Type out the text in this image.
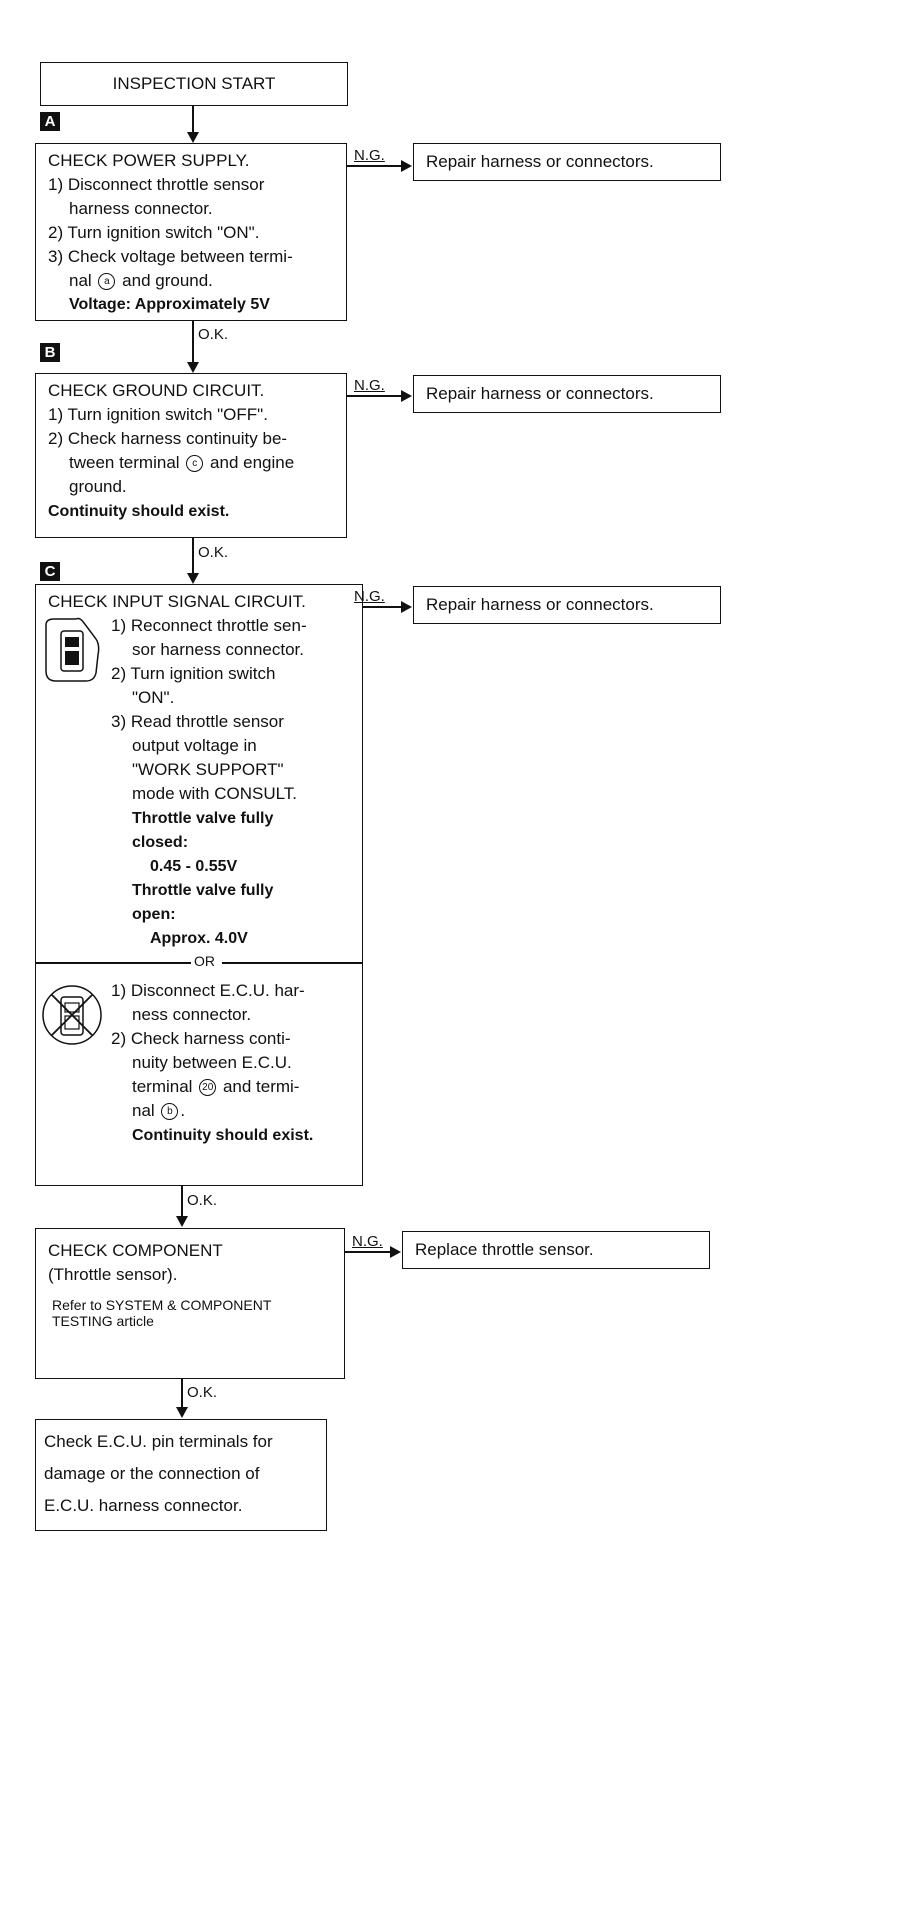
INSPECTION START
A
CHECK POWER SUPPLY.
1) Disconnect throttle sensor
harness connector.
2) Turn ignition switch "ON".
3) Check voltage between termi-
nal a and ground.
Voltage: Approximately 5V
N.G. Repair harness or connectors.
O.K.
B
CHECK GROUND CIRCUIT.
1) Turn ignition switch "OFF".
2) Check harness continuity be-
tween terminal c and engine
ground.
Continuity should exist.
N.G. Repair harness or connectors.
O.K.
C
CHECK INPUT SIGNAL CIRCUIT.
1) Reconnect throttle sen-
sor harness connector.
2) Turn ignition switch
"ON".
3) Read throttle sensor
output voltage in
"WORK SUPPORT"
mode with CONSULT.
Throttle valve fully
closed:
0.45 - 0.55V
Throttle valve fully
open:
Approx. 4.0V
OR
1) Disconnect E.C.U. har-
ness connector.
2) Check harness conti-
nuity between E.C.U.
terminal 20 and termi-
nal b .
Continuity should exist.
N.G. Repair harness or connectors.
O.K.
CHECK COMPONENT
(Throttle sensor).
Refer to SYSTEM & COMPONENT
TESTING article
N.G. Replace throttle sensor.
O.K.
Check E.C.U. pin terminals for
damage or the connection of
E.C.U. harness connector.
